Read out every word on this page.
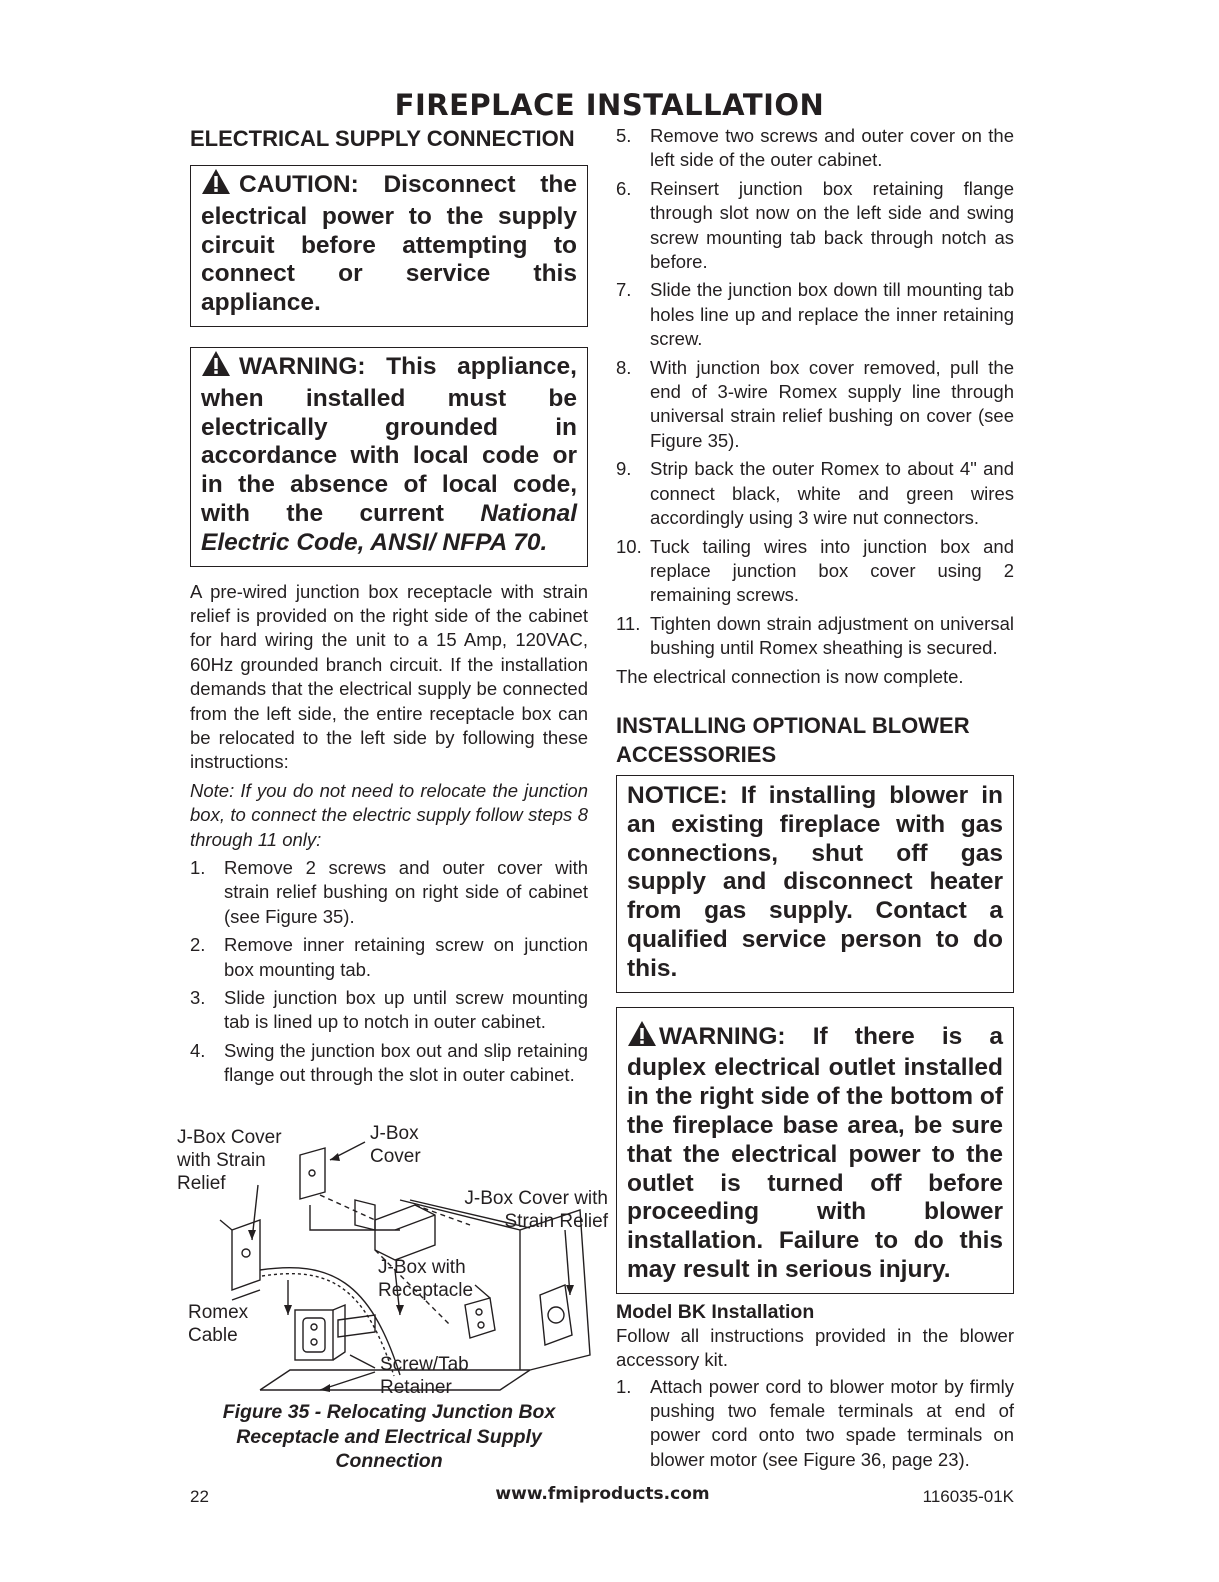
FIREPLACE INSTALLATION
ELECTRICAL SUPPLY CONNECTION
CAUTION: Disconnect the electrical power to the supply circuit before attempting to connect or service this appliance.
WARNING: This appliance, when installed must be electrically grounded in accordance with local code or in the absence of local code, with the current National Electric Code, ANSI/ NFPA 70.

A pre-wired junction box receptacle with strain relief is provided on the right side of the cabinet for hard wiring the unit to a 15 Amp, 120VAC, 60Hz grounded branch circuit. If the installation demands that the electrical supply be connected from the left side, the entire receptacle box can be relocated to the left side by following these instructions:

Note: If you do not need to relocate the junction box, to connect the electric supply follow steps 8 through 11 only:

1. Remove 2 screws and outer cover with strain relief bushing on right side of cabinet (see Figure 35).
2. Remove inner retaining screw on junction box mounting tab.
3. Slide junction box up until screw mounting tab is lined up to notch in outer cabinet.
4. Swing the junction box out and slip retaining flange out through the slot in outer cabinet.
J-Box Cover with Strain Relief
J-Box Cover
J-Box Cover with Strain Relief
J-Box with Receptacle
Romex Cable
Screw/Tab Retainer
Figure 35 - Relocating Junction Box Receptacle and Electrical Supply Connection
5. Remove two screws and outer cover on the left side of the outer cabinet.
6. Reinsert junction box retaining flange through slot now on the left side and swing screw mounting tab back through notch as before.
7. Slide the junction box down till mounting tab holes line up and replace the inner retaining screw.
8. With junction box cover removed, pull the end of 3-wire Romex supply line through universal strain relief bushing on cover (see Figure 35).
9. Strip back the outer Romex to about 4" and connect black, white and green wires accordingly using 3 wire nut connectors.
10. Tuck tailing wires into junction box and replace junction box cover using 2 remaining screws.
11. Tighten down strain adjustment on universal bushing until Romex sheathing is secured.

The electrical connection is now complete.

INSTALLING OPTIONAL BLOWER ACCESSORIES
NOTICE: If installing blower in an existing fireplace with gas connections, shut off gas supply and disconnect heater from gas supply. Contact a qualified service person to do this.
WARNING: If there is a duplex electrical outlet installed in the right side of the bottom of the fireplace base area, be sure that the electrical power to the outlet is turned off before proceeding with blower installation. Failure to do this may result in serious injury.
Model BK Installation

Follow all instructions provided in the blower accessory kit.

1. Attach power cord to blower motor by firmly pushing two female terminals at end of power cord onto two spade terminals on blower motor (see Figure 36, page 23).
22	www.fmiproducts.com	116035-01K
